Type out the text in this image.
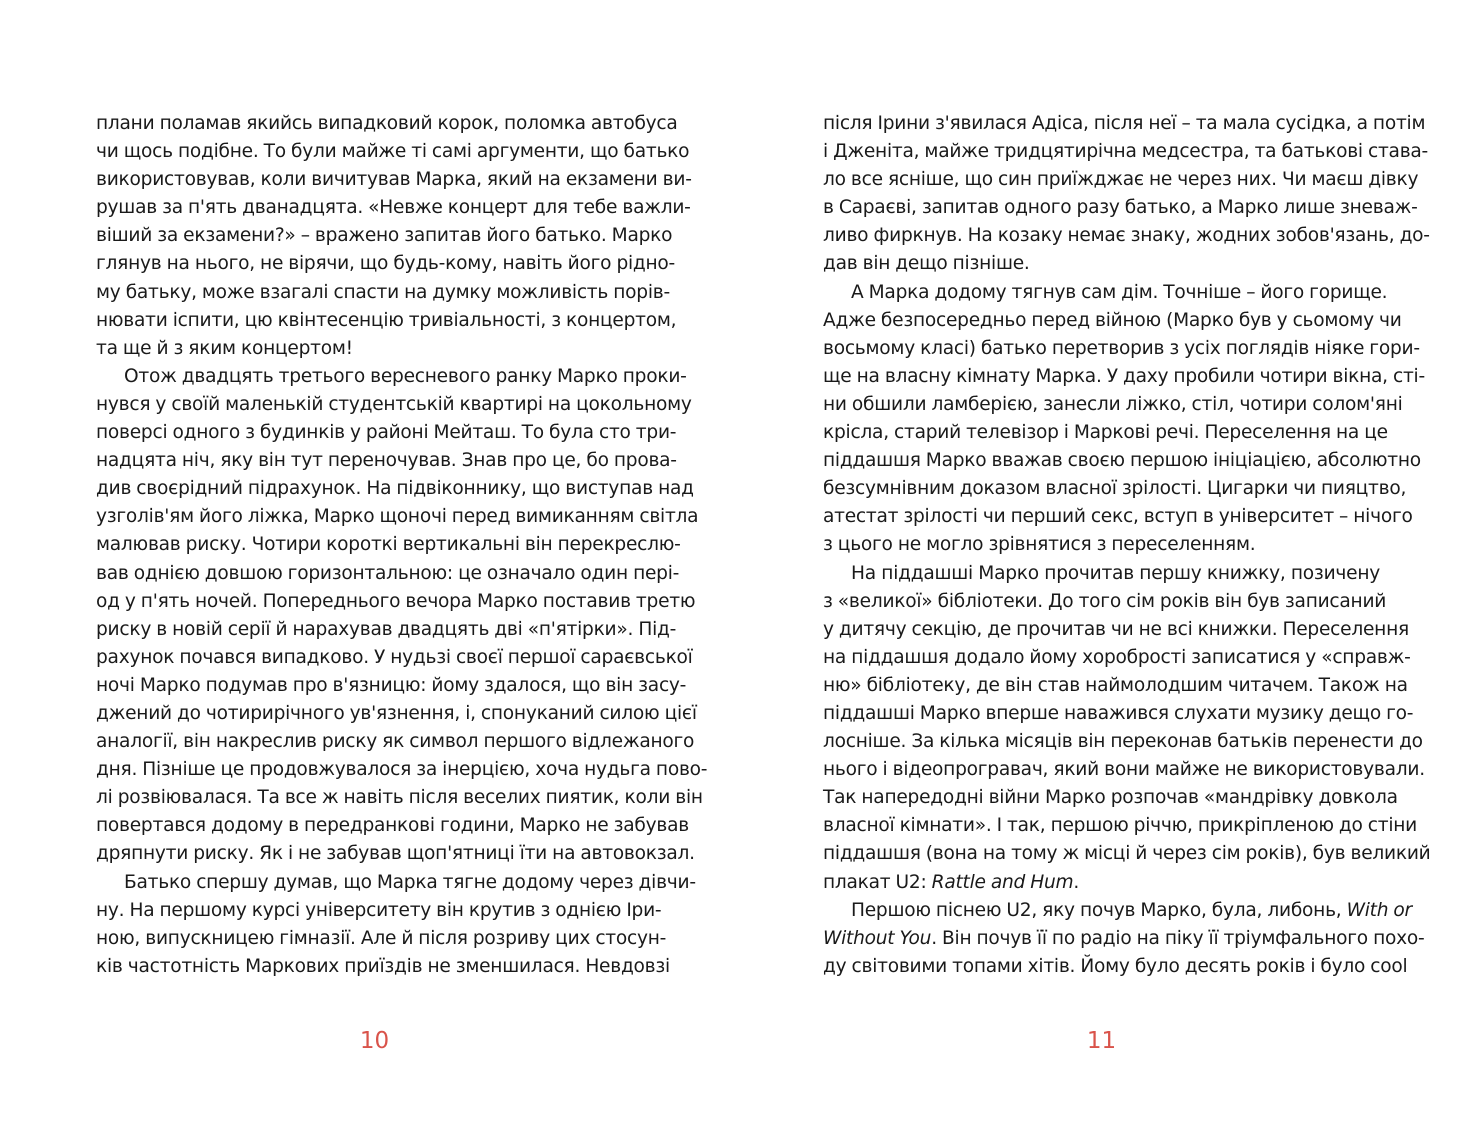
плани поламав якийсь випадковий корок, поломка автобуса
чи щось подібне. То були майже ті самі аргументи, що батько
використовував, коли вичитував Марка, який на екзамени ви-
рушав за п'ять дванадцята. «Невже концерт для тебе важли-
віший за екзамени?» – вражено запитав його батько. Марко
глянув на нього, не вірячи, що будь-кому, навіть його рідно-
му батьку, може взагалі спасти на думку можливість порів-
нювати іспити, цю квінтесенцію тривіальності, з концертом,
та ще й з яким концертом!
Отож двадцять третього вересневого ранку Марко проки-
нувся у своїй маленькій студентській квартирі на цокольному
поверсі одного з будинків у районі Мейташ. То була сто три-
надцята ніч, яку він тут переночував. Знав про це, бо прова-
див своєрідний підрахунок. На підвіконнику, що виступав над
узголів'ям його ліжка, Марко щоночі перед вимиканням світла
малював риску. Чотири короткі вертикальні він перекреслю-
вав однією довшою горизонтальною: це означало один пері-
од у п'ять ночей. Попереднього вечора Марко поставив третю
риску в новій серії й нарахував двадцять дві «п'ятірки». Під-
рахунок почався випадково. У нудьзі своєї першої сараєвської
ночі Марко подумав про в'язницю: йому здалося, що він засу-
джений до чотирирічного ув'язнення, і, спонуканий силою цієї
аналогії, він накреслив риску як символ першого відлежаного
дня. Пізніше це продовжувалося за інерцією, хоча нудьга пово-
лі розвіювалася. Та все ж навіть після веселих пиятик, коли він
повертався додому в передранкові години, Марко не забував
дряпнути риску. Як і не забував щоп'ятниці їти на автовокзал.
Батько спершу думав, що Марка тягне додому через дівчи-
ну. На першому курсі університету він крутив з однією Іри-
ною, випускницею гімназії. Але й після розриву цих стосун-
ків частотність Маркових приїздів не зменшилася. Невдовзі
10
після Ірини з'явилася Адіса, після неї – та мала сусідка, а потім
і Дженіта, майже тридцятирічна медсестра, та батькові става-
ло все ясніше, що син приїжджає не через них. Чи маєш дівку
в Сараєві, запитав одного разу батько, а Марко лише зневаж-
ливо фиркнув. На козаку немає знаку, жодних зобов'язань, до-
дав він дещо пізніше.
А Марка додому тягнув сам дім. Точніше – його горище.
Адже безпосередньо перед війною (Марко був у сьомому чи
восьмому класі) батько перетворив з усіх поглядів ніяке гори-
ще на власну кімнату Марка. У даху пробили чотири вікна, сті-
ни обшили ламберією, занесли ліжко, стіл, чотири солом'яні
крісла, старий телевізор і Маркові речі. Переселення на це
піддашшя Марко вважав своєю першою ініціацією, абсолютно
безсумнівним доказом власної зрілості. Цигарки чи пияцтво,
атестат зрілості чи перший секс, вступ в університет – нічого
з цього не могло зрівнятися з переселенням.
На піддашші Марко прочитав першу книжку, позичену
з «великої» бібліотеки. До того сім років він був записаний
у дитячу секцію, де прочитав чи не всі книжки. Переселення
на піддашшя додало йому хоробрості записатися у «справж-
ню» бібліотеку, де він став наймолодшим читачем. Також на
піддашші Марко вперше наважився слухати музику дещо го-
лосніше. За кілька місяців він переконав батьків перенести до
нього і відеопрогравач, який вони майже не використовували.
Так напередодні війни Марко розпочав «мандрівку довкола
власної кімнати». І так, першою річчю, прикріпленою до стіни
піддашшя (вона на тому ж місці й через сім років), був великий
плакат U2: Rattle and Hum.
Першою піснею U2, яку почув Марко, була, либонь, With or
Without You. Він почув її по радіо на піку її тріумфального похо-
ду світовими топами хітів. Йому було десять років і було cool
11
